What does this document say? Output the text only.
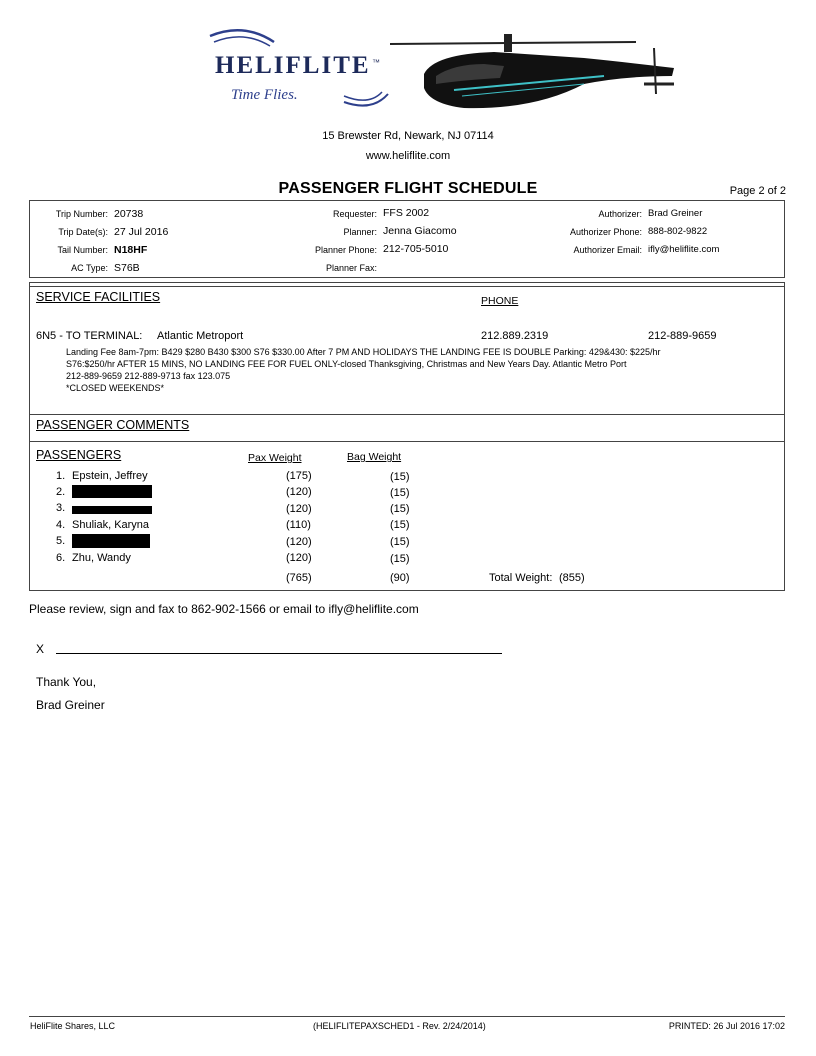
HELIFLITE ™
Time Flies.
15 Brewster Rd, Newark, NJ 07114
www.heliflite.com
PASSENGER FLIGHT SCHEDULE	Page 2 of 2
Trip Number: 20738
Trip Date(s): 27 Jul 2016
Tail Number: N18HF
AC Type: S76B
Requester: FFS 2002
Planner: Jenna Giacomo
Planner Phone: 212-705-5010
Planner Fax:
Authorizer: Brad Greiner
Authorizer Phone: 888-802-9822
Authorizer Email: ifly@heliflite.com
SERVICE FACILITIES	PHONE
6N5 - TO TERMINAL: Atlantic Metroport	212.889.2319	212-889-9659
Landing Fee 8am-7pm: B429 $280 B430 $300 S76 $330.00 After 7 PM AND HOLIDAYS THE LANDING FEE IS DOUBLE Parking: 429&430: $225/hr
S76:$250/hr AFTER 15 MINS, NO LANDING FEE FOR FUEL ONLY-closed Thanksgiving, Christmas and New Years Day. Atlantic Metro Port
212-889-9659 212-889-9713 fax 123.075
*CLOSED WEEKENDS*
PASSENGER COMMENTS
PASSENGERS	Pax Weight	Bag Weight
1. Epstein, Jeffrey	(175)	(15)
2.	(120)	(15)
3.	(120)	(15)
4. Shuliak, Karyna	(110)	(15)
5.	(120)	(15)
6. Zhu, Wandy	(120)	(15)
(765)	(90)	Total Weight: (855)
Please review, sign and fax to 862-902-1566 or email to ifly@heliflite.com
X
Thank You,
Brad Greiner
HeliFlite Shares, LLC	(HELIFLITEPAXSCHED1 - Rev. 2/24/2014)	PRINTED: 26 Jul 2016 17:02
